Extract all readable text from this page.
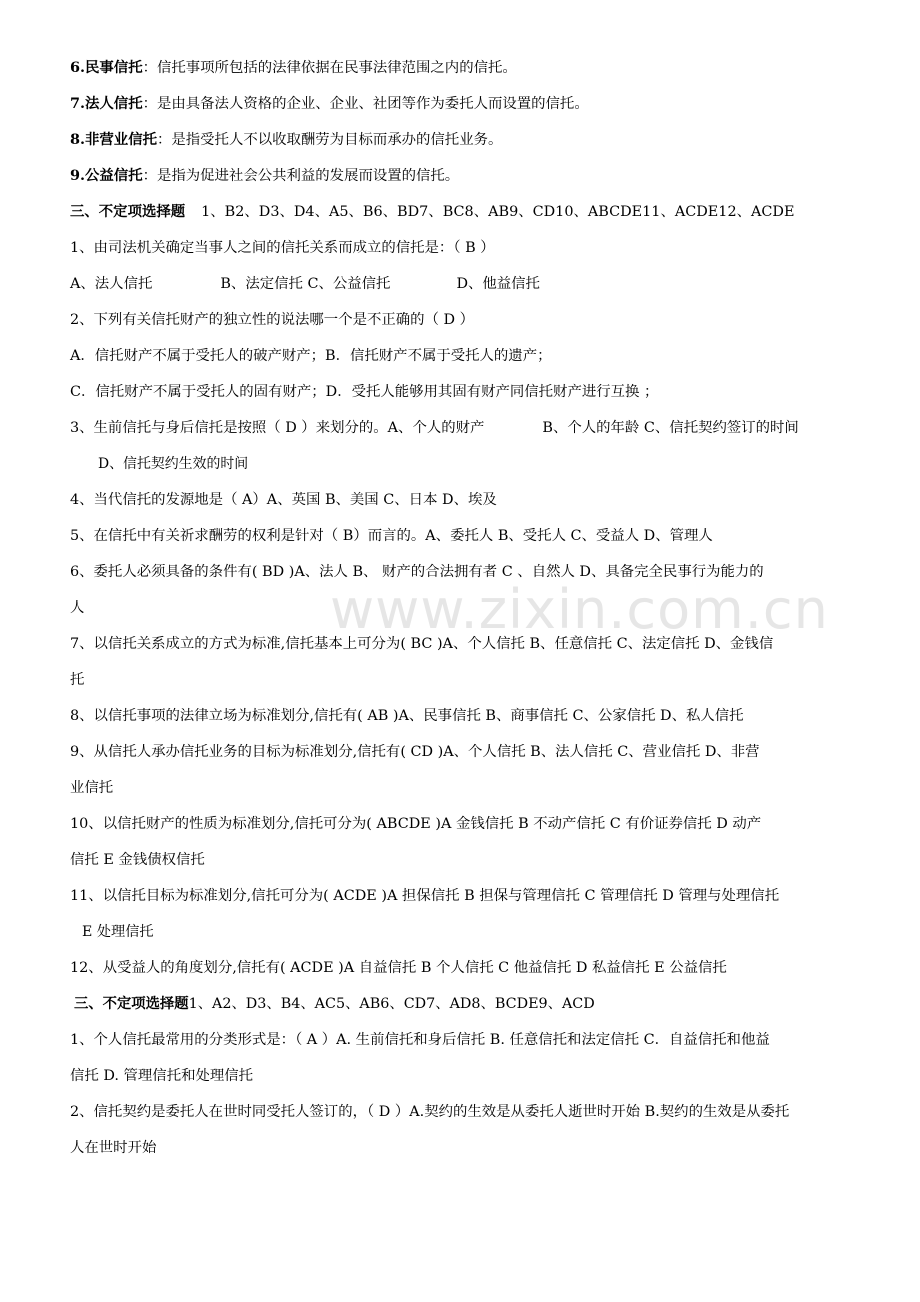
www.zixin.com.cn
6.民事信托：信托事项所包括的法律依据在民事法律范围之内的信托。
7.法人信托：是由具备法人资格的企业、企业、社团等作为委托人而设置的信托。
8.非营业信托：是指受托人不以收取酬劳为目标而承办的信托业务。
9.公益信托：是指为促进社会公共利益的发展而设置的信托。
三、不定项选择题 1、B2、D3、D4、A5、B6、BD7、BC8、AB9、CD10、ABCDE11、ACDE12、ACDE
1、由司法机关确定当事人之间的信托关系而成立的信托是：（ B ）
A、法人信托	B、法定信托 C、公益信托	D、他益信托
2、下列有关信托财产的独立性的说法哪一个是不正确的（ D ）
A．信托财产不属于受托人的破产财产；B．信托财产不属于受托人的遗产；
C．信托财产不属于受托人的固有财产；D．受托人能够用其固有财产同信托财产进行互换 ；
3、生前信托与身后信托是按照（ D ）来划分的。A、个人的财产	B、个人的年龄 C、信托契约签订的时间
D、信托契约生效的时间
4、当代信托的发源地是（ A）A、英国 B、美国 C、日本 D、埃及
5、在信托中有关祈求酬劳的权利是针对（ B）而言的。A、委托人 B、受托人 C、受益人 D、管理人
6、委托人必须具备的条件有( BD )A、法人 B、 财产的合法拥有者 C 、自然人 D、具备完全民事行为能力的
人
7、以信托关系成立的方式为标准,信托基本上可分为( BC )A、个人信托 B、任意信托 C、法定信托 D、金钱信
托
8、以信托事项的法律立场为标准划分,信托有( AB )A、民事信托 B、商事信托 C、公家信托 D、私人信托
9、从信托人承办信托业务的目标为标准划分,信托有( CD )A、个人信托 B、法人信托 C、营业信托 D、非营
业信托
10、以信托财产的性质为标准划分,信托可分为( ABCDE )A 金钱信托 B 不动产信托 C 有价证券信托 D 动产
信托 E 金钱债权信托
11、以信托目标为标准划分,信托可分为( ACDE )A 担保信托 B 担保与管理信托 C 管理信托 D 管理与处理信托
E 处理信托
12、从受益人的角度划分,信托有( ACDE )A 自益信托 B 个人信托 C 他益信托 D 私益信托 E 公益信托
三、不定项选择题1、A2、D3、B4、AC5、AB6、CD7、AD8、BCDE9、ACD
1、个人信托最常用的分类形式是：（ A ）A. 生前信托和身后信托 B. 任意信托和法定信托 C．自益信托和他益
信托 D. 管理信托和处理信托
2、信托契约是委托人在世时同受托人签订的，（ D ）A.契约的生效是从委托人逝世时开始 B.契约的生效是从委托
人在世时开始
